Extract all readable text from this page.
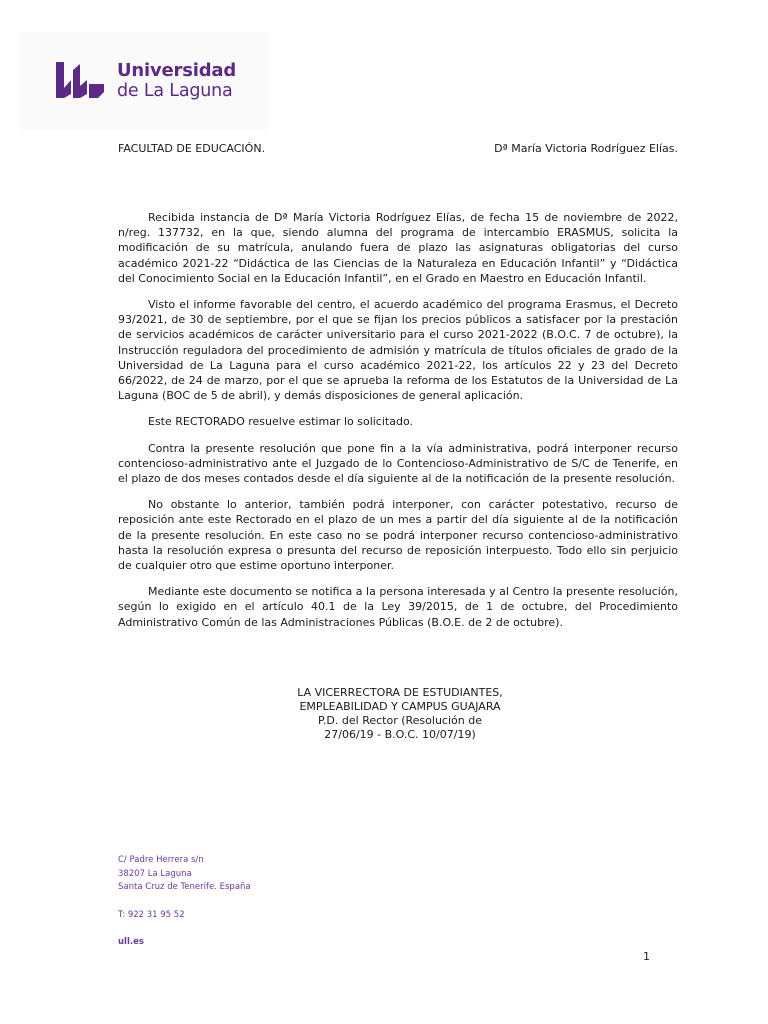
Universidad
de La Laguna
FACULTAD DE EDUCACIÓN.	Dª María Victoria Rodríguez Elías.

Recibida instancia de Dª María Victoria Rodríguez Elías, de fecha 15 de noviembre de 2022, n/reg. 137732, en la que, siendo alumna del programa de intercambio ERASMUS, solicita la modificación de su matrícula, anulando fuera de plazo las asignaturas obligatorias del curso académico 2021-22 “Didáctica de las Ciencias de la Naturaleza en Educación Infantil” y “Didáctica del Conocimiento Social en la Educación Infantil”, en el Grado en Maestro en Educación Infantil.

Visto el informe favorable del centro, el acuerdo académico del programa Erasmus, el Decreto 93/2021, de 30 de septiembre, por el que se fijan los precios públicos a satisfacer por la prestación de servicios académicos de carácter universitario para el curso 2021-2022 (B.O.C. 7 de octubre), la Instrucción reguladora del procedimiento de admisión y matrícula de títulos oficiales de grado de la Universidad de La Laguna para el curso académico 2021-22, los artículos 22 y 23 del Decreto 66/2022, de 24 de marzo, por el que se aprueba la reforma de los Estatutos de la Universidad de La Laguna (BOC de 5 de abril), y demás disposiciones de general aplicación.

Este RECTORADO resuelve estimar lo solicitado.

Contra la presente resolución que pone fin a la vía administrativa, podrá interponer recurso contencioso-administrativo ante el Juzgado de lo Contencioso-Administrativo de S/C de Tenerife, en el plazo de dos meses contados desde el día siguiente al de la notificación de la presente resolución.

No obstante lo anterior, también podrá interponer, con carácter potestativo, recurso de reposición ante este Rectorado en el plazo de un mes a partir del día siguiente al de la notificación de la presente resolución. En este caso no se podrá interponer recurso contencioso-administrativo hasta la resolución expresa o presunta del recurso de reposición interpuesto. Todo ello sin perjuicio de cualquier otro que estime oportuno interponer.

Mediante este documento se notifica a la persona interesada y al Centro la presente resolución, según lo exigido en el artículo 40.1 de la Ley 39/2015, de 1 de octubre, del Procedimiento Administrativo Común de las Administraciones Públicas (B.O.E. de 2 de octubre).

LA VICERRECTORA DE ESTUDIANTES,
EMPLEABILIDAD Y CAMPUS GUAJARA
P.D. del Rector (Resolución de
27/06/19 - B.O.C. 10/07/19)
C/ Padre Herrera s/n
38207 La Laguna
Santa Cruz de Tenerife. España
T: 922 31 95 52
ull.es
1
